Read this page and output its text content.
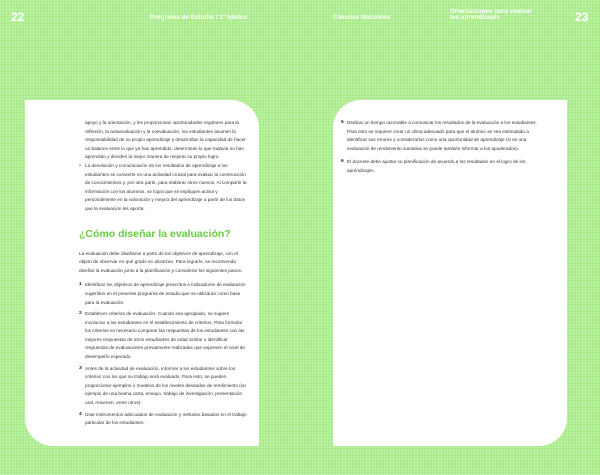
22	23
Programa de Estudio / 1º básico	Ciencias Naturales
Orientaciones para evaluar los aprendizajes
apoyo y la orientación, y les proporcionan oportunidades regulares para la reflexión, la autoevaluación y la coevaluación, los estudiantes asumen la responsabilidad de su propio aprendizaje y desarrollan la capacidad de hacer un balance entre lo que ya han aprendido, determinan lo que todavía no han aprendido y deciden la mejor manera de mejorar su propio logro.
› La devolución y comunicación de los resultados de aprendizaje a los estudiantes se convierte en una actividad crucial para evaluar la construcción de conocimientos y, por otra parte, para elaborar otros nuevos. Al compartir la información con los alumnos, se logra que se impliquen activa y personalmente en la valoración y mejora del aprendizaje a partir de los datos que la evaluación les aporta.
¿Cómo diseñar la evaluación?
La evaluación debe diseñarse a partir de los objetivos de aprendizaje, con el objeto de observar en qué grado se alcanzan. Para lograrlo, se recomienda diseñar la evaluación junto a la planificación y considerar los siguientes pasos:
1 Identificar los objetivos de aprendizaje prescritos e indicadores de evaluación sugeridos en el presente programa de estudio que se utilizarán como base para la evaluación.
2 Establecer criterios de evaluación. Cuando sea apropiado, se sugiere involucrar a los estudiantes en el establecimiento de criterios. Para formular los criterios es necesario comparar las respuestas de los estudiantes con las mejores respuestas de otros estudiantes de edad similar o identificar respuestas de evaluaciones previamente realizadas que expresen el nivel de desempeño esperado.
3 Antes de la actividad de evaluación, informar a los estudiantes sobre los criterios con los que su trabajo será evaluado. Para esto, se pueden proporcionar ejemplos o modelos de los niveles deseados de rendimiento (un ejemplo de una buena carta, ensayo, trabajo de investigación, presentación oral, resumen, entre otros).
4 Usar instrumentos adecuados de evaluación y métodos basados en el trabajo particular de los estudiantes.
5 Dedicar un tiempo razonable a comunicar los resultados de la evaluación a los estudiantes. Para esto se requiere crear un clima adecuado para que el alumno se vea estimulado a identificar sus errores y considerarlos como una oportunidad de aprendizaje (si es una evaluación de rendimiento sumativa se puede también informar a los apoderados).
6 El docente debe ajustar su planificación de acuerdo a los resultados en el logro de los aprendizajes.
